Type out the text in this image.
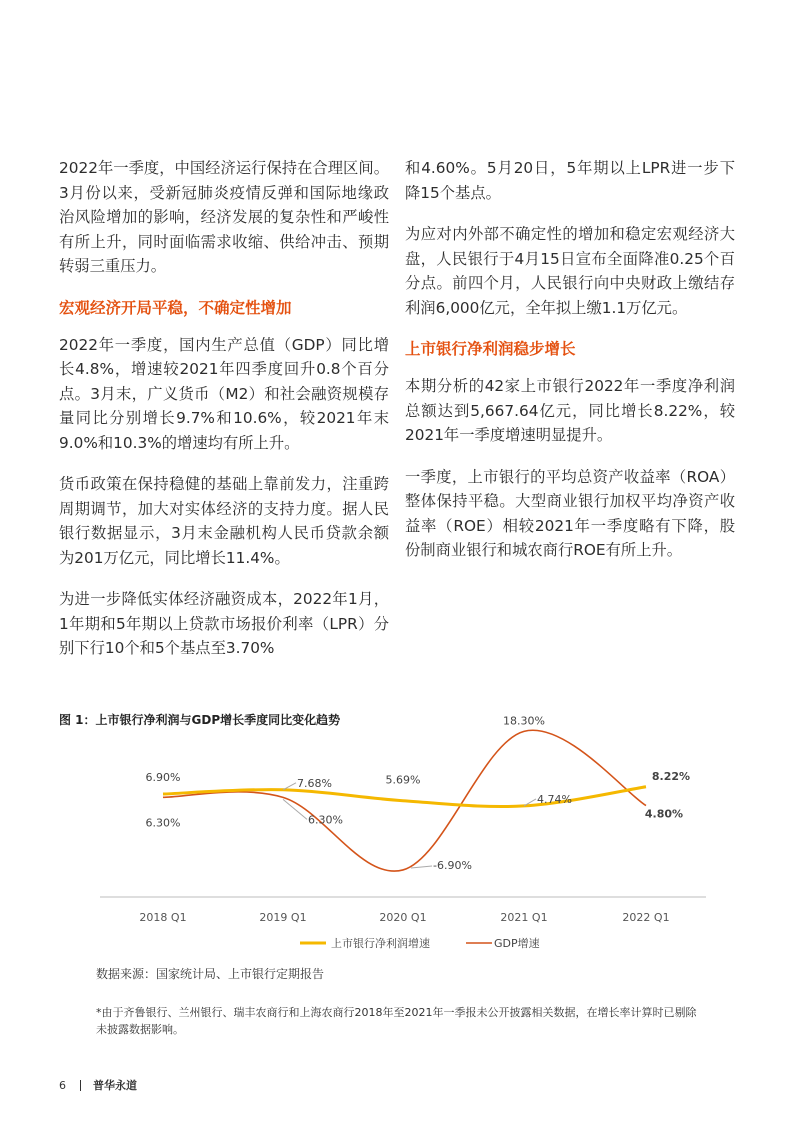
2022年一季度，中国经济运行保持在合理区间。3月份以来，受新冠肺炎疫情反弹和国际地缘政治风险增加的影响，经济发展的复杂性和严峻性有所上升，同时面临需求收缩、供给冲击、预期转弱三重压力。

宏观经济开局平稳，不确定性增加

2022年一季度，国内生产总值（GDP）同比增长4.8%，增速较2021年四季度回升0.8个百分点。3月末，广义货币（M2）和社会融资规模存量同比分别增长9.7%和10.6%，较2021年末9.0%和10.3%的增速均有所上升。

货币政策在保持稳健的基础上靠前发力，注重跨周期调节，加大对实体经济的支持力度。据人民银行数据显示，3月末金融机构人民币贷款余额为201万亿元，同比增长11.4%。

为进一步降低实体经济融资成本，2022年1月，1年期和5年期以上贷款市场报价利率（LPR）分别下行10个和5个基点至3.70%

和4.60%。5月20日，5年期以上LPR进一步下降15个基点。

为应对内外部不确定性的增加和稳定宏观经济大盘，人民银行于4月15日宣布全面降准0.25个百分点。前四个月，人民银行向中央财政上缴结存利润6,000亿元，全年拟上缴1.1万亿元。

上市银行净利润稳步增长

本期分析的42家上市银行2022年一季度净利润总额达到5,667.64亿元，同比增长8.22%，较2021年一季度增速明显提升。

一季度，上市银行的平均总资产收益率（ROA）整体保持平稳。大型商业银行加权平均净资产收益率（ROE）相较2021年一季度略有下降，股份制商业银行和城农商行ROE有所上升。

图 1：上市银行净利润与GDP增长季度同比变化趋势
2018 Q1	2019 Q1	2020 Q1	2021 Q1	2022 Q1
6.90%	7.68%	5.69%
4.74%
8.22%
6.30%	6.30%
-6.90%
18.30%
4.80%
上市银行净利润增速	GDP增速
数据来源：国家统计局、上市银行定期报告
*由于齐鲁银行、兰州银行、瑞丰农商行和上海农商行2018年至2021年一季报未公开披露相关数据，在增长率计算时已剔除未披露数据影响。
6 普华永道
